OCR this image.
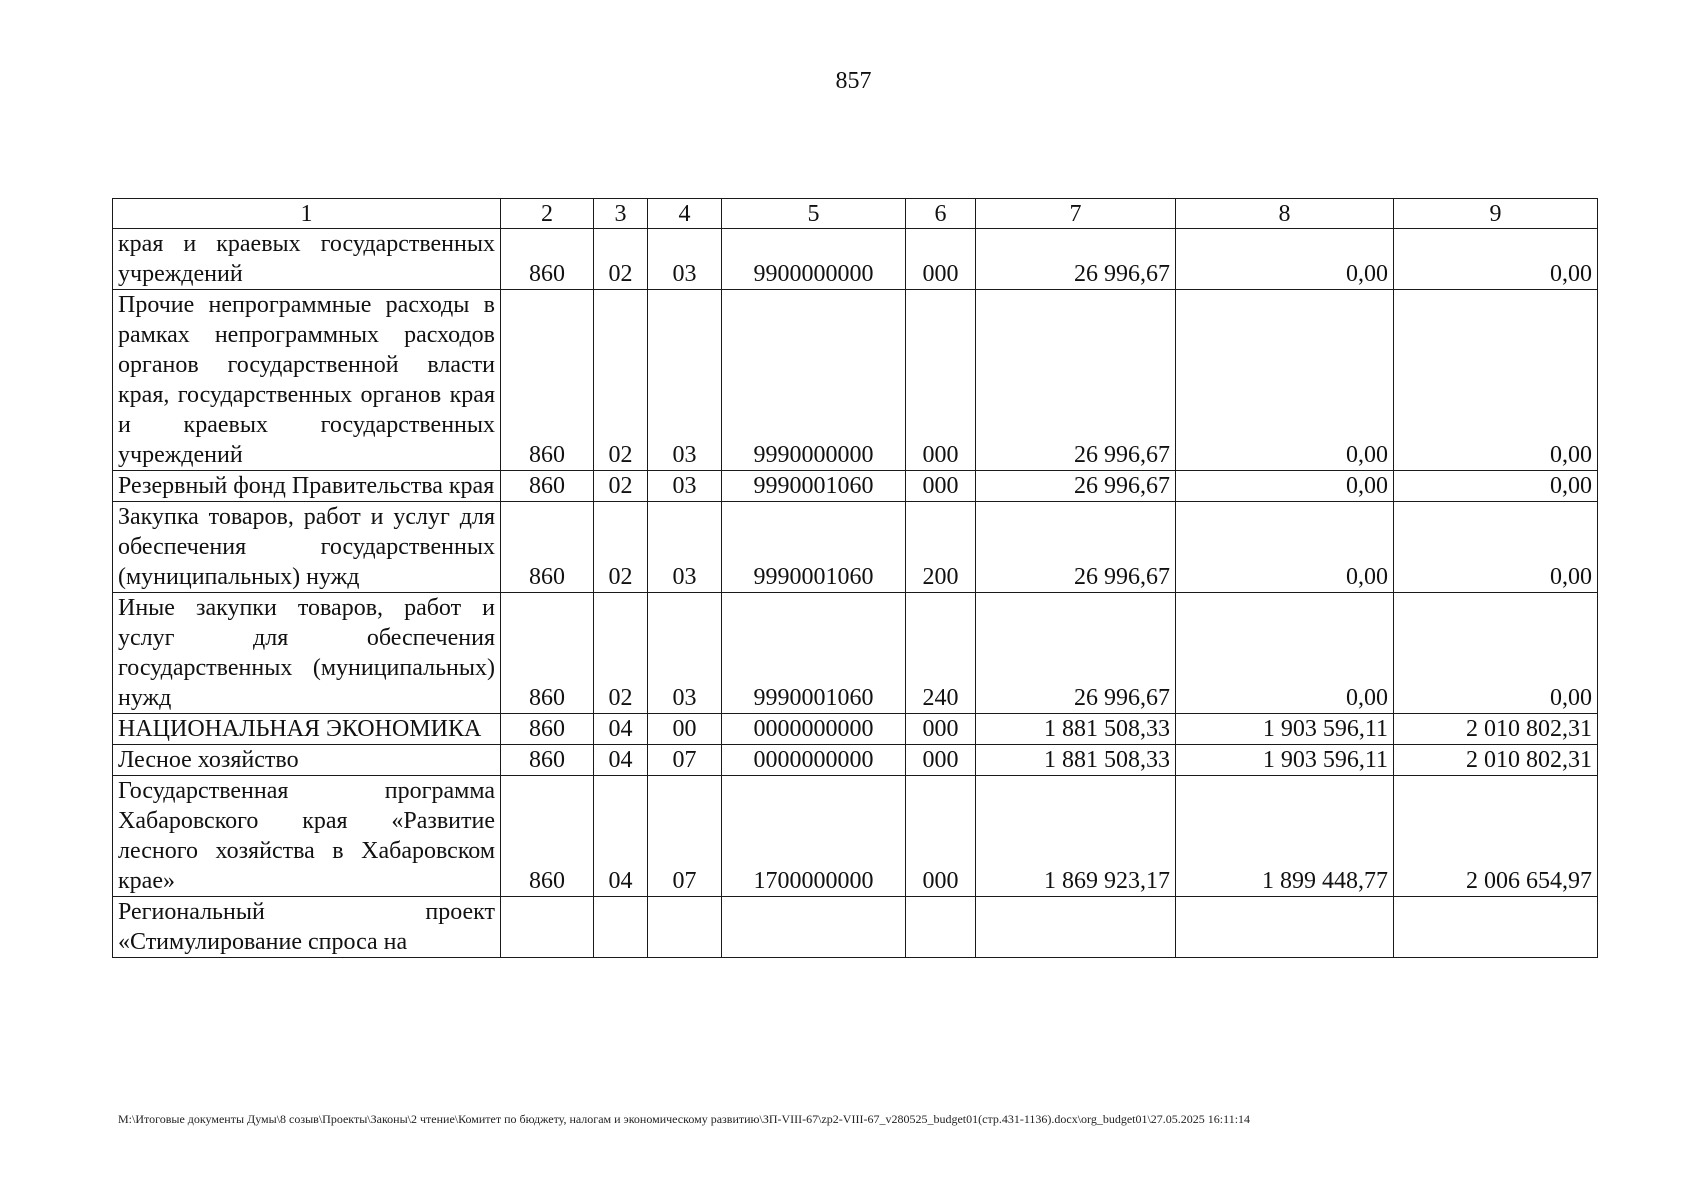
857
1	2	3	4	5	6	7	8	9
края и краевых государственных учреждений	860	02	03	9900000000	000	26 996,67	0,00	0,00
Прочие непрограммные расходы в рамках непрограммных расходов органов государственной власти края, государственных органов края и краевых государственных учреждений	860	02	03	9990000000	000	26 996,67	0,00	0,00
Резервный фонд Правительства края	860	02	03	9990001060	000	26 996,67	0,00	0,00
Закупка товаров, работ и услуг для обеспечения государственных (муниципальных) нужд	860	02	03	9990001060	200	26 996,67	0,00	0,00
Иные закупки товаров, работ и услуг для обеспечения государственных (муниципальных) нужд	860	02	03	9990001060	240	26 996,67	0,00	0,00
НАЦИОНАЛЬНАЯ ЭКОНОМИКА	860	04	00	0000000000	000	1 881 508,33	1 903 596,11	2 010 802,31
Лесное хозяйство	860	04	07	0000000000	000	1 881 508,33	1 903 596,11	2 010 802,31
Государственная программа Хабаровского края «Развитие лесного хозяйства в Хабаровском крае»	860	04	07	1700000000	000	1 869 923,17	1 899 448,77	2 006 654,97
Региональный проект «Стимулирование спроса на								
M:\Итоговые документы Думы\8 созыв\Проекты\Законы\2 чтение\Комитет по бюджету, налогам и экономическому развитию\ЗП-VIII-67\zp2-VIII-67_v280525_budget01(стр.431-1136).docx\org_budget01\27.05.2025 16:11:14
